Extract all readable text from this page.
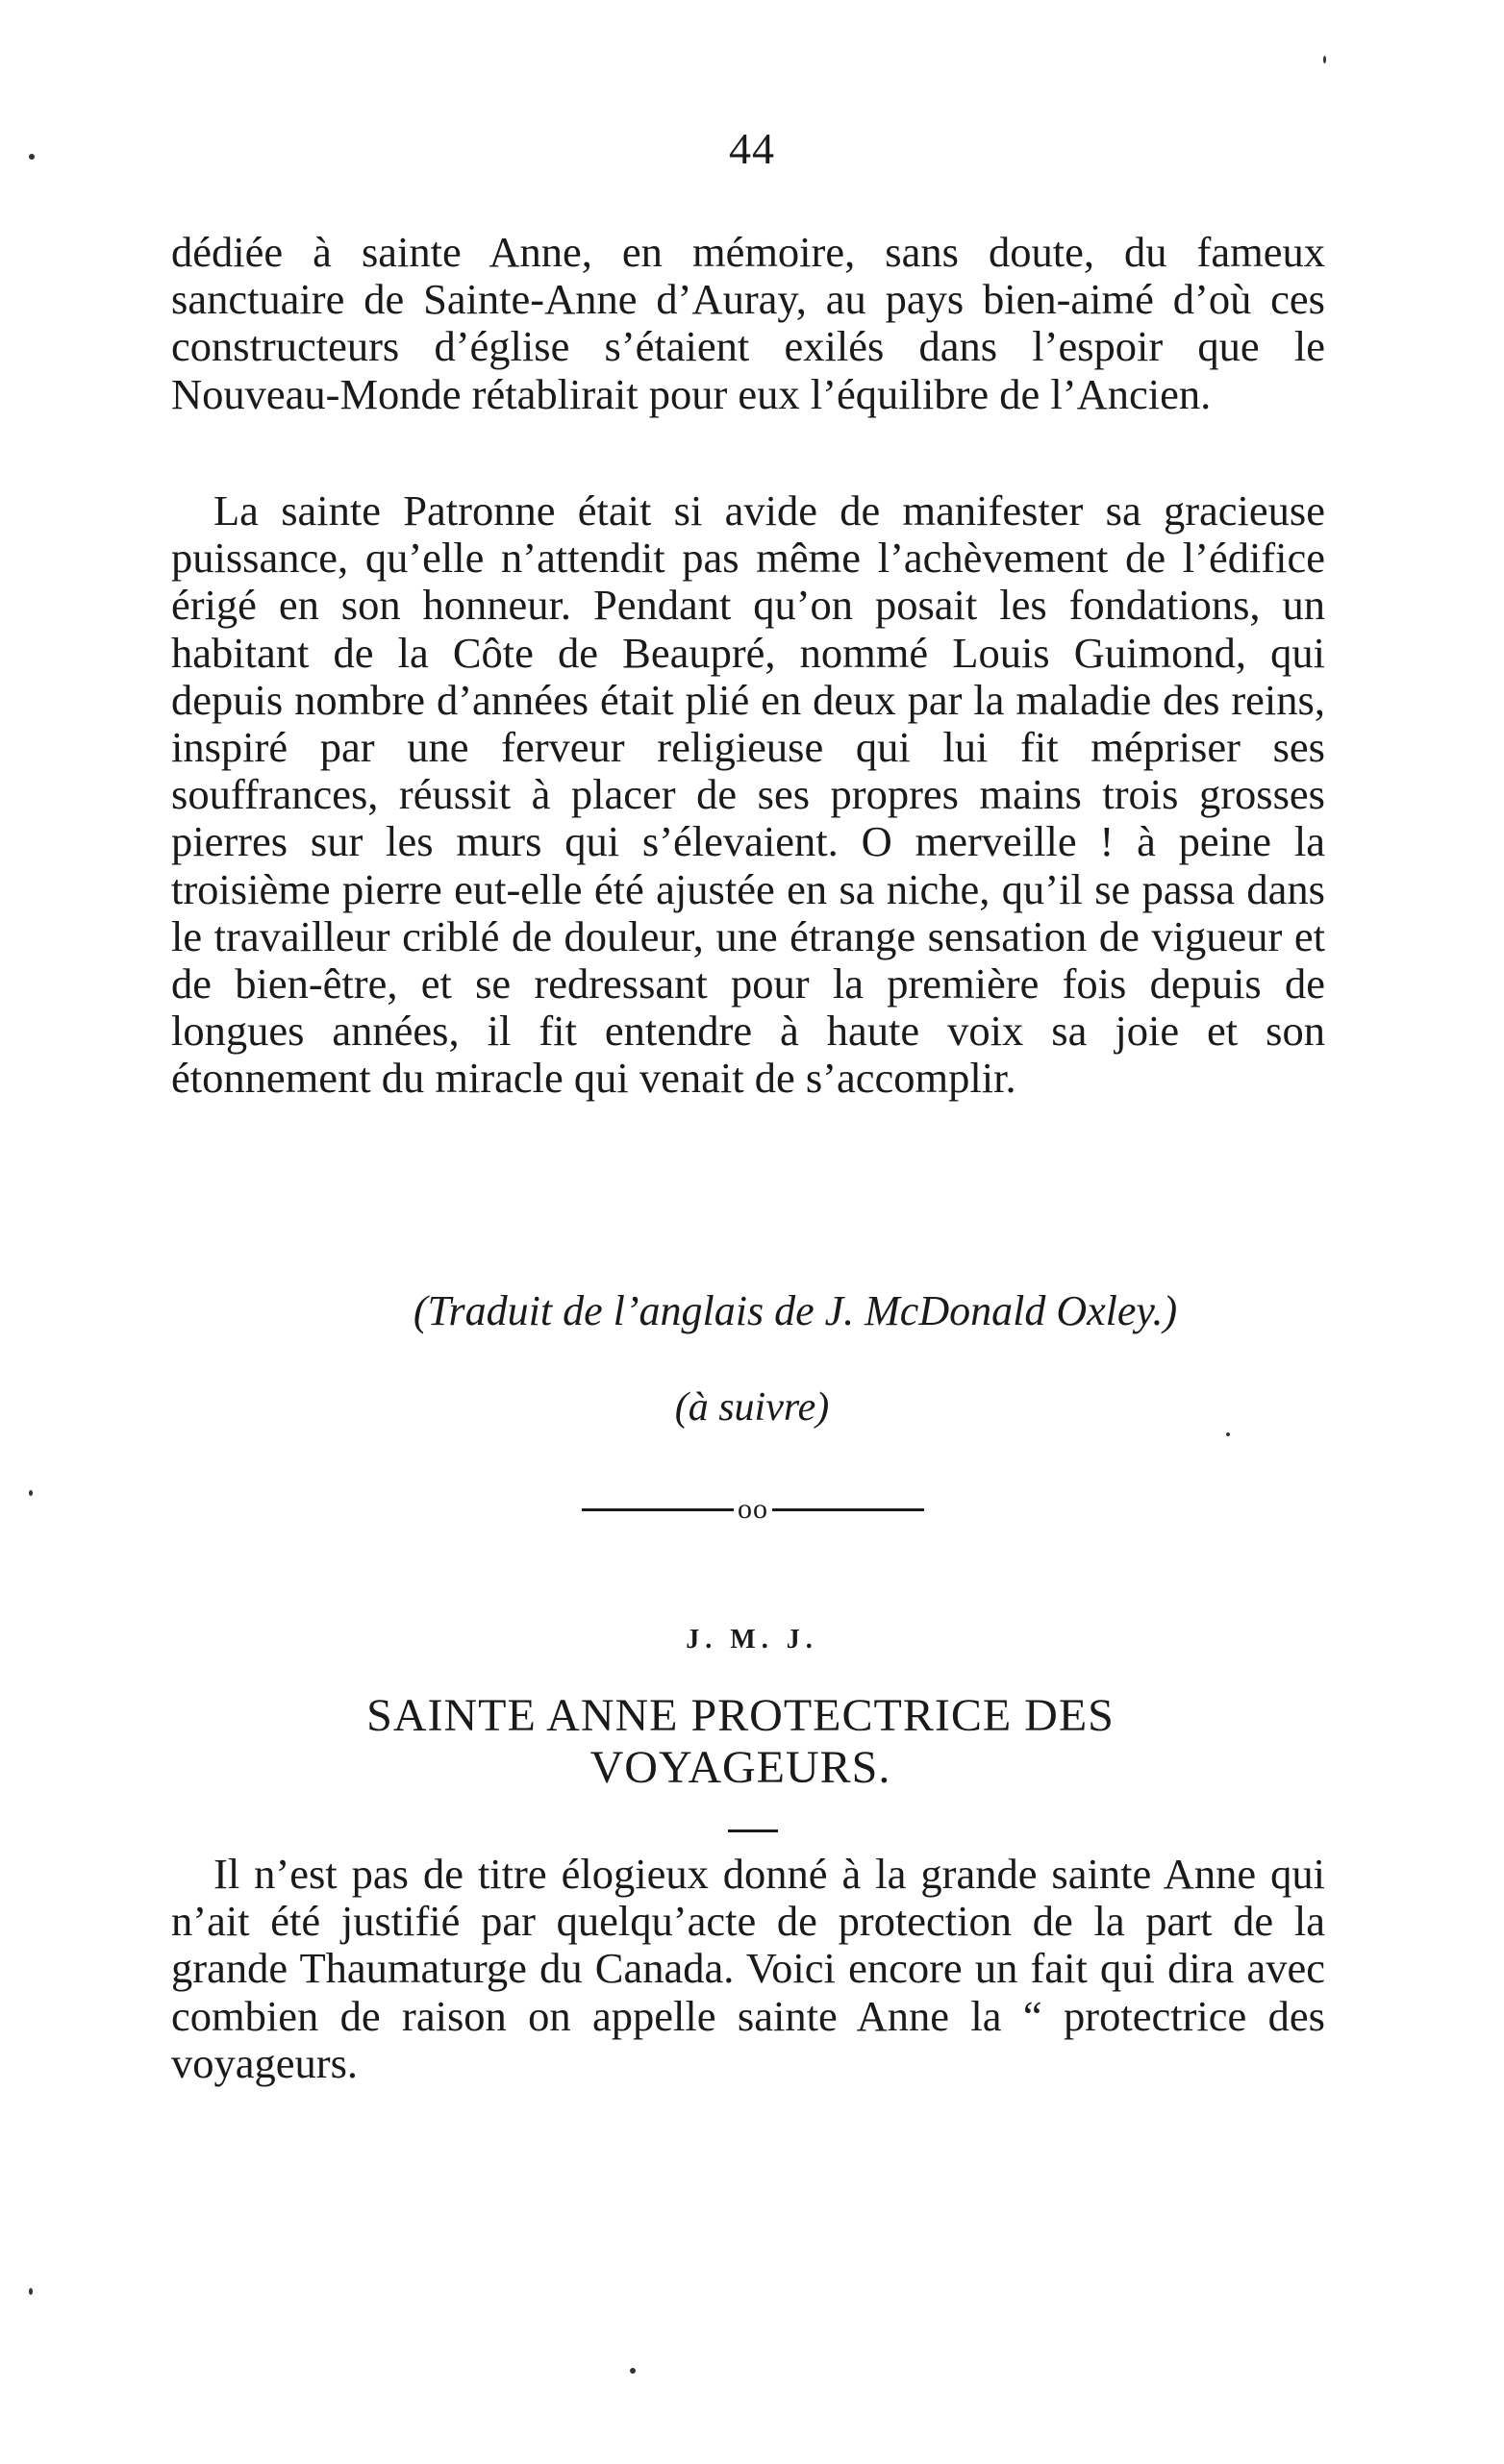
44

dédiée à sainte Anne, en mémoire, sans doute, du fameux sanctuaire de Sainte-Anne d’Auray, au pays bien-aimé d’où ces constructeurs d’église s’étaient exilés dans l’espoir que le Nouveau-Monde rétablirait pour eux l’équilibre de l’Ancien.

La sainte Patronne était si avide de manifester sa gracieuse puissance, qu’elle n’attendit pas même l’achèvement de l’édifice érigé en son honneur. Pendant qu’on posait les fondations, un habitant de la Côte de Beaupré, nommé Louis Guimond, qui depuis nombre d’années était plié en deux par la maladie des reins, inspiré par une ferveur religieuse qui lui fit mépriser ses souffrances, réussit à placer de ses propres mains trois grosses pierres sur les murs qui s’élevaient. O merveille ! à peine la troisième pierre eut-elle été ajustée en sa niche, qu’il se passa dans le travailleur criblé de douleur, une étrange sensation de vigueur et de bien-être, et se redressant pour la première fois depuis de longues années, il fit entendre à haute voix sa joie et son étonnement du miracle qui venait de s’accomplir.

(Traduit de l’anglais de J. McDonald Oxley.)
(à suivre)
oo
J. M. J.
SAINTE ANNE PROTECTRICE DES
VOYAGEURS.

Il n’est pas de titre élogieux donné à la grande sainte Anne qui n’ait été justifié par quelqu’acte de protection de la part de la grande Thaumaturge du Canada. Voici encore un fait qui dira avec combien de raison on appelle sainte Anne la “ protectrice des voyageurs.
